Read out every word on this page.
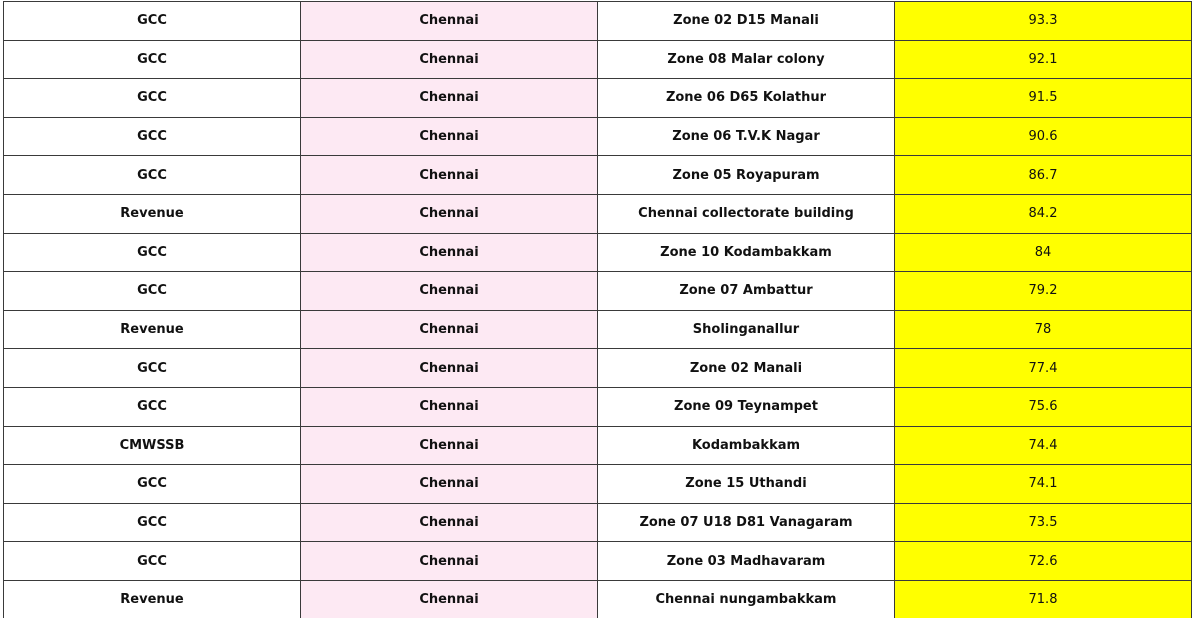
GCC	Chennai	Zone 02 D15 Manali	93.3
GCC	Chennai	Zone 08 Malar colony	92.1
GCC	Chennai	Zone 06 D65 Kolathur	91.5
GCC	Chennai	Zone 06 T.V.K Nagar	90.6
GCC	Chennai	Zone 05 Royapuram	86.7
Revenue	Chennai	Chennai collectorate building	84.2
GCC	Chennai	Zone 10 Kodambakkam	84
GCC	Chennai	Zone 07 Ambattur	79.2
Revenue	Chennai	Sholinganallur	78
GCC	Chennai	Zone 02 Manali	77.4
GCC	Chennai	Zone 09 Teynampet	75.6
CMWSSB	Chennai	Kodambakkam	74.4
GCC	Chennai	Zone 15 Uthandi	74.1
GCC	Chennai	Zone 07 U18 D81 Vanagaram	73.5
GCC	Chennai	Zone 03 Madhavaram	72.6
Revenue	Chennai	Chennai nungambakkam	71.8
